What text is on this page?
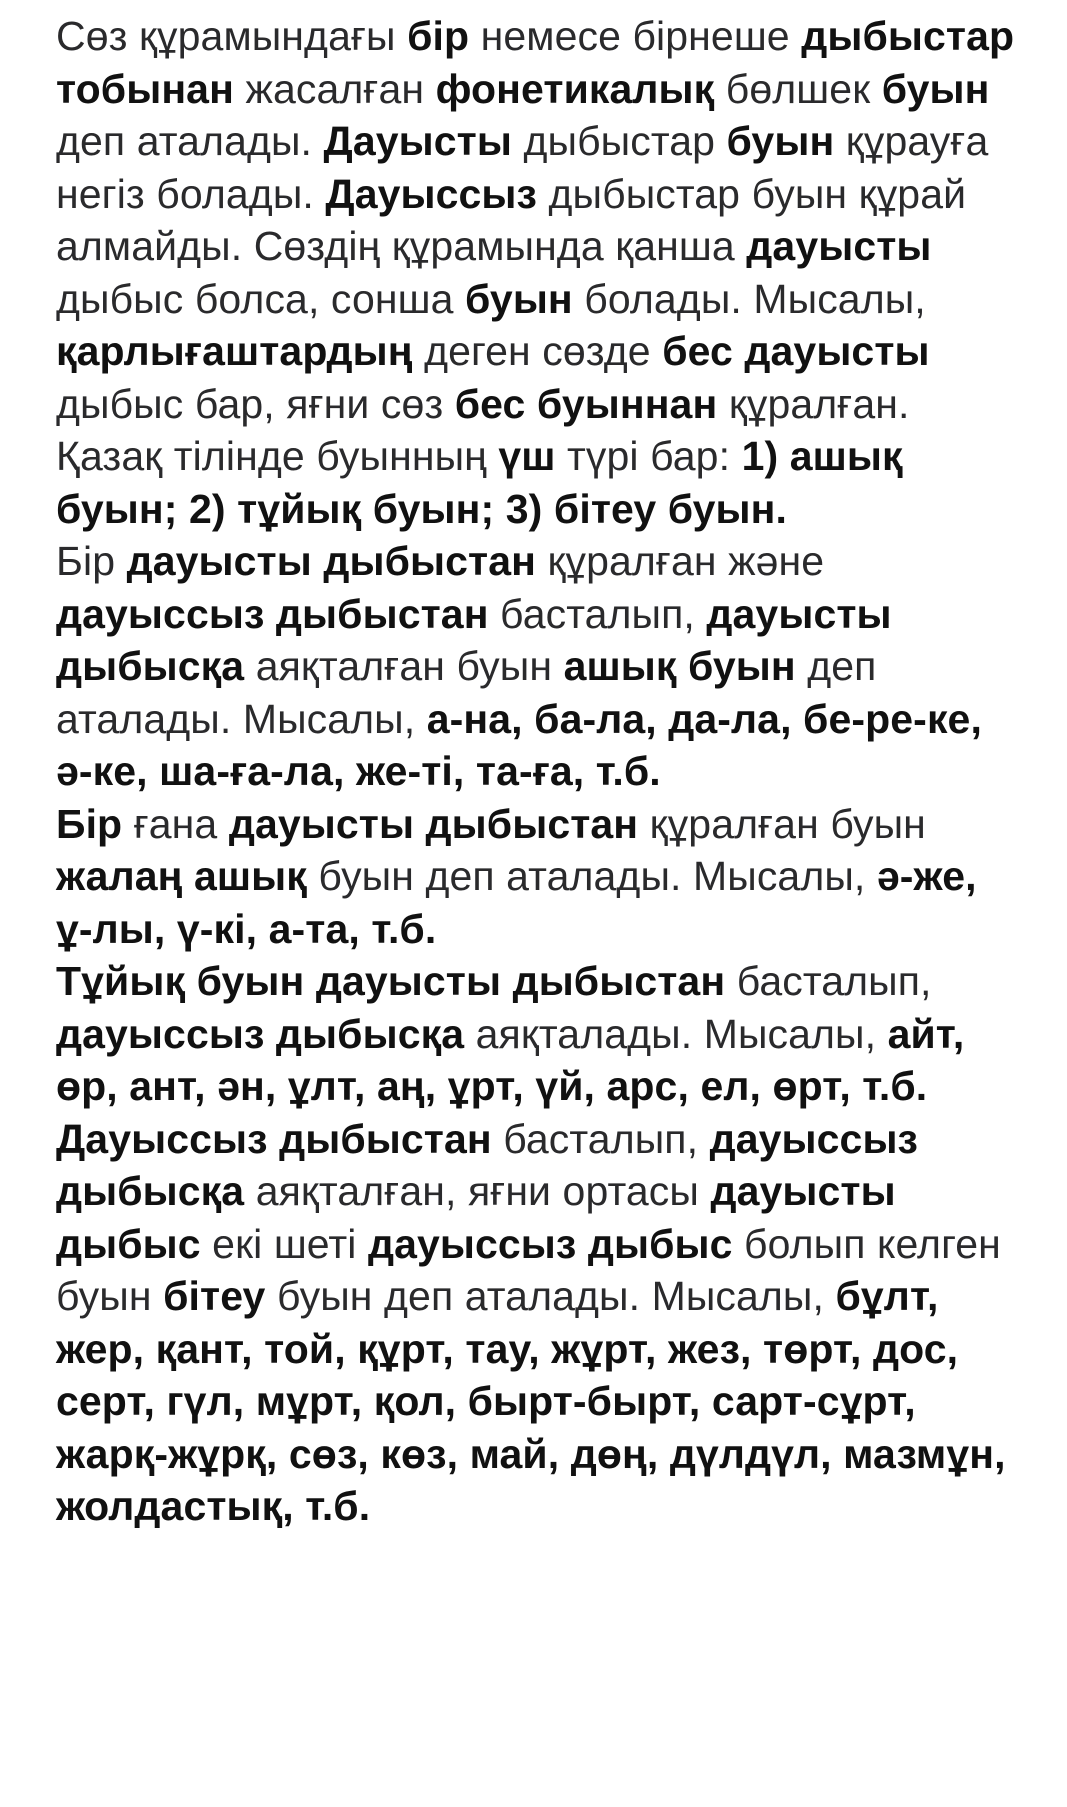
Сөз құрамындағы бір немесе бірнеше дыбыстар тобынан жасалған фонетикалық бөлшек буын деп аталады. Дауысты дыбыстар буын құрауға негіз болады. Дауыссыз дыбыстар буын құрай алмайды. Сөздің құрамында қанша дауысты дыбыс болса, сонша буын болады. Мысалы, қарлығаштардың деген сөзде бес дауысты дыбыс бар, яғни сөз бес буыннан құралған.

Қазақ тілінде буынның үш түрі бар: 1) ашық буын; 2) тұйық буын; 3) бітеу буын.

Бір дауысты дыбыстан құралған және дауыссыз дыбыстан басталып, дауысты дыбысқа аяқталған буын ашық буын деп аталады. Мысалы, а-на, ба-ла, да-ла, бе-ре-ке, ә-ке, ша-ға-ла, же-ті, та-ға, т.б.

Бір ғана дауысты дыбыстан құралған буын жалаң ашық буын деп аталады. Мысалы, ә-же, ұ-лы, ү-кі, а-та, т.б.

Тұйық буын дауысты дыбыстан басталып, дауыссыз дыбысқа аяқталады. Мысалы, айт, өр, ант, ән, ұлт, аң, ұрт, үй, арс, ел, өрт, т.б.

Дауыссыз дыбыстан басталып, дауыссыз дыбысқа аяқталған, яғни ортасы дауысты дыбыс екі шеті дауыссыз дыбыс болып келген буын бітеу буын деп аталады. Мысалы, бұлт, жер, қант, той, құрт, тау, жұрт, жез, төрт, дос, серт, гүл, мұрт, қол, бырт-бырт, сарт-сұрт, жарқ-жұрқ, сөз, көз, май, дөң, дүлдүл, мазмұн, жолдастық, т.б.
